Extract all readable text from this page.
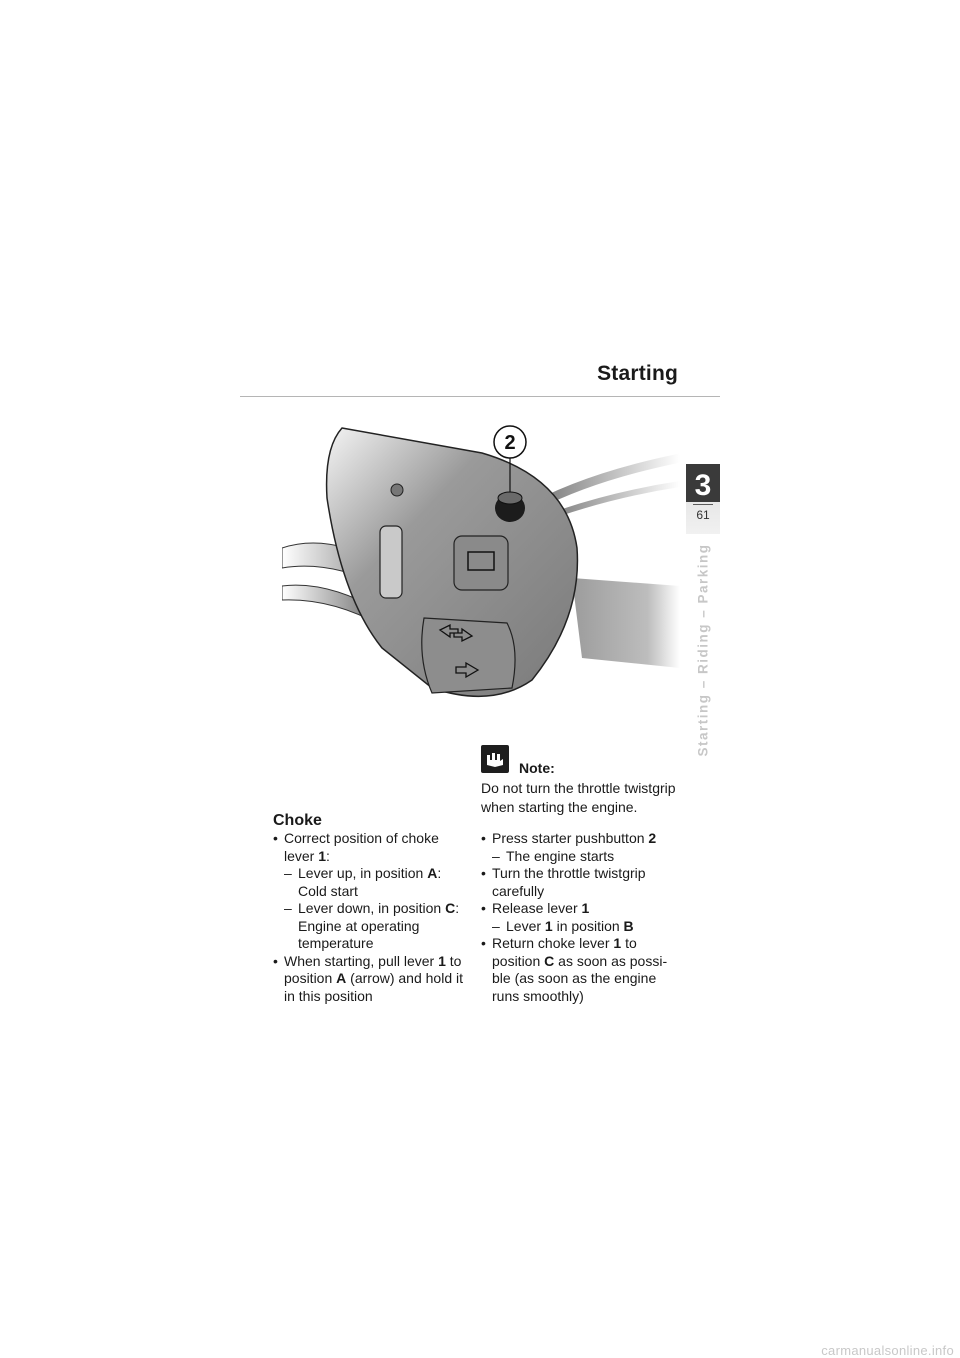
Starting
3
61
Starting – Riding – Parking
2
Note:
Do not turn the throttle twistgrip when starting the engine.
Choke
• Correct position of choke
lever 1:
– Lever up, in position A:
Cold start
– Lever down, in position C:
Engine at operating
temperature
• When starting, pull lever 1 to
position A (arrow) and hold it
in this position
• Press starter pushbutton 2
– The engine starts
• Turn the throttle twistgrip
carefully
• Release lever 1
– Lever 1 in position B
• Return choke lever 1 to
position C as soon as possi-
ble (as soon as the engine
runs smoothly)
carmanualsonline.info
